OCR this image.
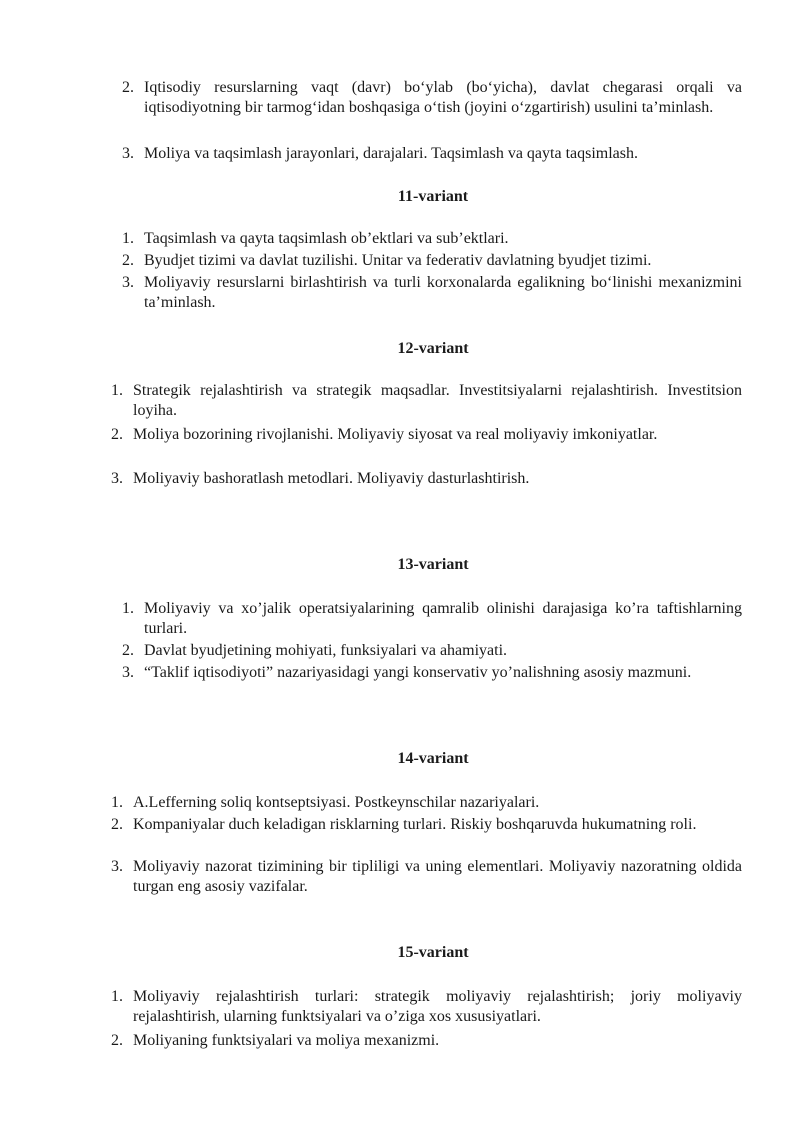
2. Iqtisodiy resurslarning vaqt (davr) bo‘ylab (bo‘yicha), davlat chegarasi orqali va iqtisodiyotning bir tarmog‘idan boshqasiga o‘tish (joyini o‘zgartirish) usulini ta’minlash.
3. Moliya va taqsimlash jarayonlari, darajalari. Taqsimlash va qayta taqsimlash.
11-variant
1. Taqsimlash va qayta taqsimlash ob’ektlari va sub’ektlari.
2. Byudjet tizimi va davlat tuzilishi. Unitar va federativ davlatning byudjet tizimi.
3. Moliyaviy resurslarni birlashtirish va turli korxonalarda egalikning bo‘linishi mexanizmini ta’minlash.
12-variant
1. Strategik rejalashtirish va strategik maqsadlar. Investitsiyalarni rejalashtirish. Investitsion loyiha.
2. Moliya bozorining rivojlanishi. Moliyaviy siyosat va real moliyaviy imkoniyatlar.
3. Moliyaviy bashoratlash metodlari. Moliyaviy dasturlashtirish.
13-variant
1. Moliyaviy va xo’jalik operatsiyalarining qamralib olinishi darajasiga ko’ra taftishlarning turlari.
2. Davlat byudjetining mohiyati, funksiyalari va ahamiyati.
3. “Taklif iqtisodiyoti” nazariyasidagi yangi konservativ yo’nalishning asosiy mazmuni.
14-variant
1. A.Lefferning soliq kontseptsiyasi. Postkeynschilar nazariyalari.
2. Kompaniyalar duch keladigan risklarning turlari. Riskiy boshqaruvda hukumatning roli.
3. Moliyaviy nazorat tizimining bir tipliligi va uning elementlari. Moliyaviy nazoratning oldida turgan eng asosiy vazifalar.
15-variant
1. Moliyaviy rejalashtirish turlari: strategik moliyaviy rejalashtirish; joriy moliyaviy rejalashtirish, ularning funktsiyalari va o’ziga xos xususiyatlari.
2. Moliyaning funktsiyalari va moliya mexanizmi.
